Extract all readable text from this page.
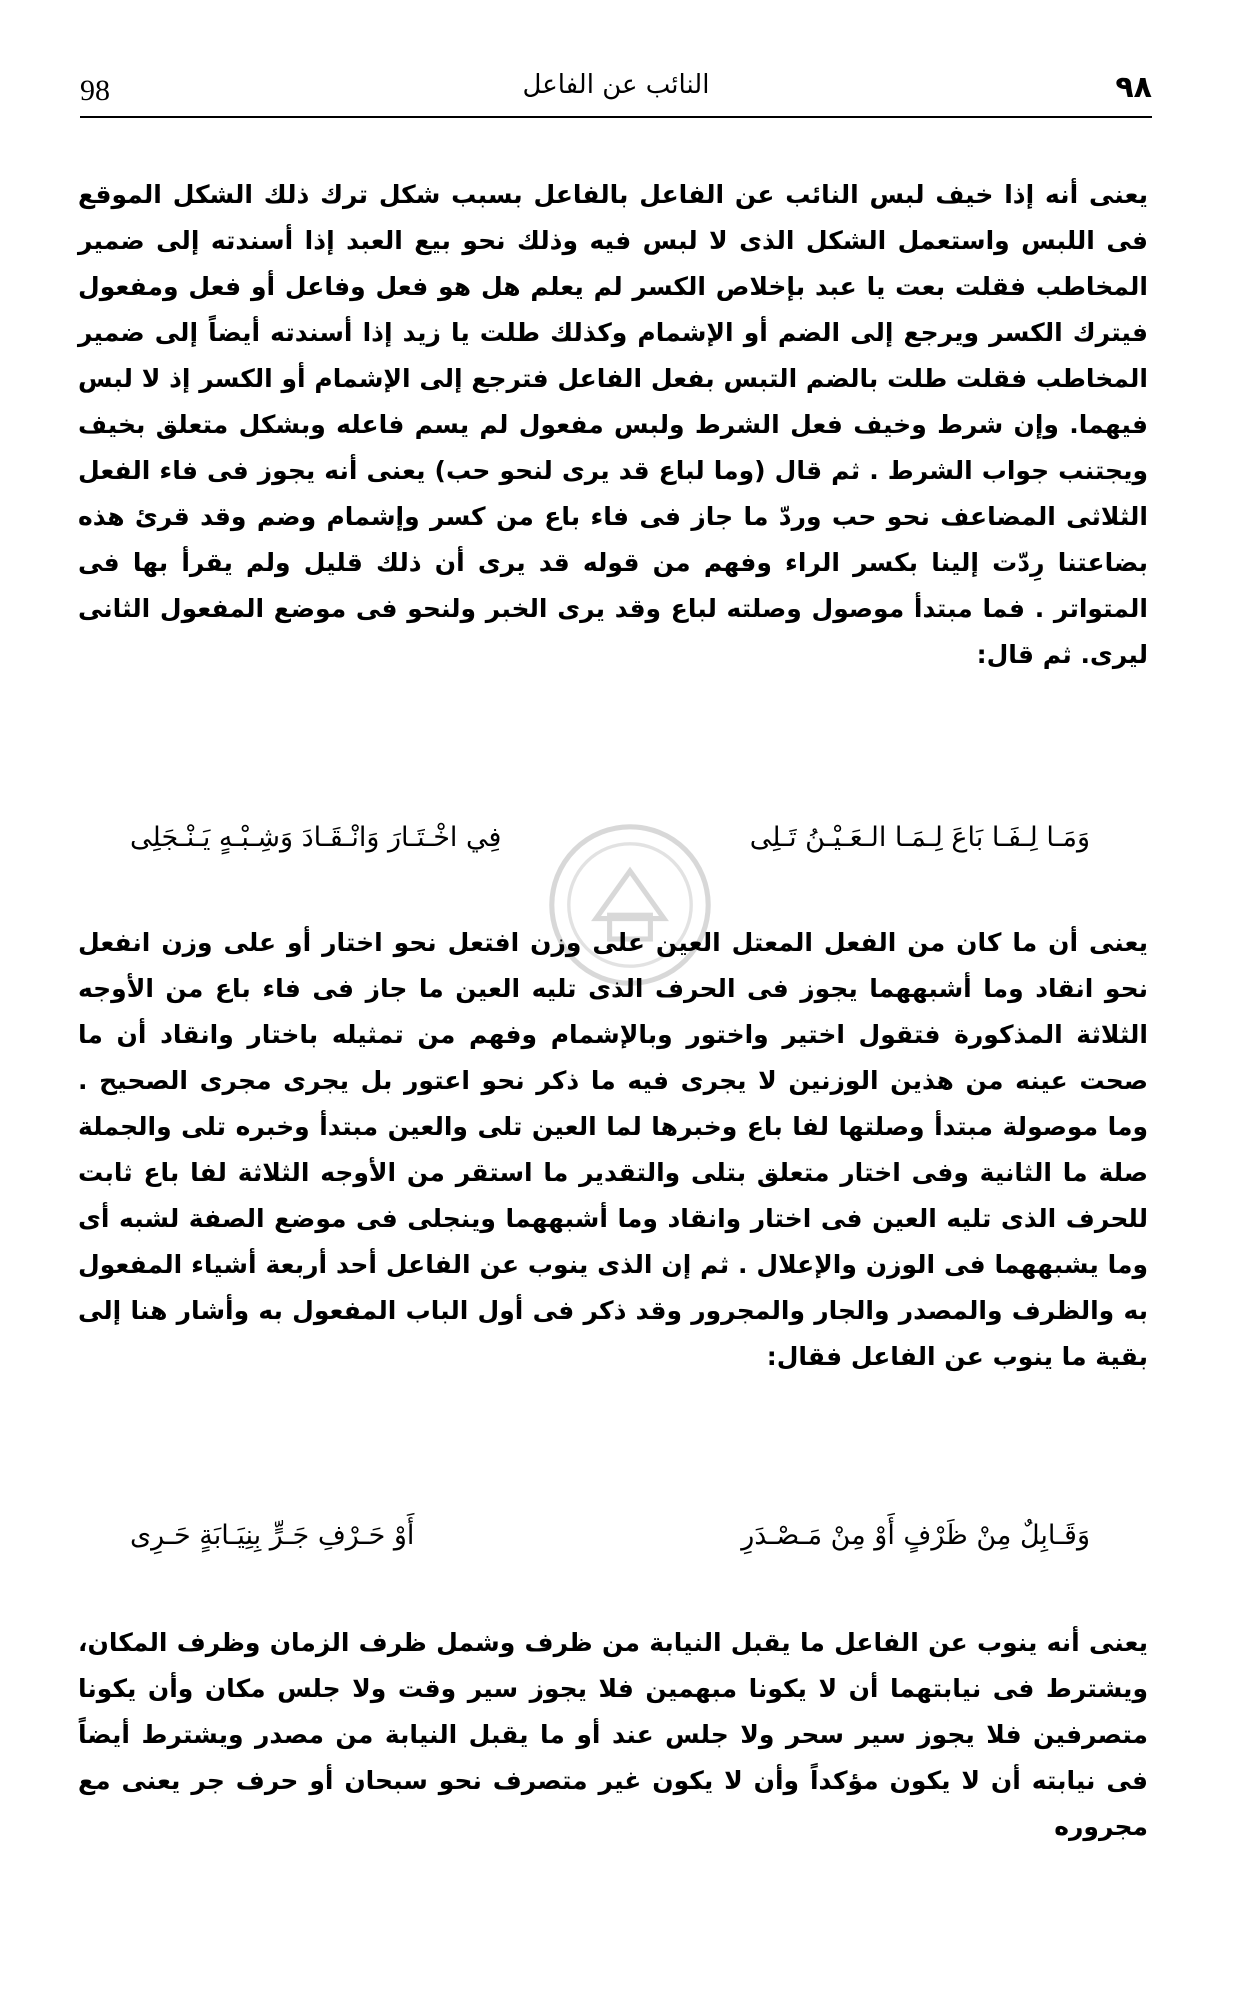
98	النائب عن الفاعل	٩٨

يعنى أنه إذا خيف لبس النائب عن الفاعل بالفاعل بسبب شكل ترك ذلك الشكل الموقع فى اللبس واستعمل الشكل الذى لا لبس فيه وذلك نحو بيع العبد إذا أسندته إلى ضمير المخاطب فقلت بعت يا عبد بإخلاص الكسر لم يعلم هل هو فعل وفاعل أو فعل ومفعول فيترك الكسر ويرجع إلى الضم أو الإشمام وكذلك طلت يا زيد إذا أسندته أيضاً إلى ضمير المخاطب فقلت طلت بالضم التبس بفعل الفاعل فترجع إلى الإشمام أو الكسر إذ لا لبس فيهما. وإن شرط وخيف فعل الشرط ولبس مفعول لم يسم فاعله وبشكل متعلق بخيف ويجتنب جواب الشرط . ثم قال (وما لباع قد يرى لنحو حب) يعنى أنه يجوز فى فاء الفعل الثلاثى المضاعف نحو حب وردّ ما جاز فى فاء باع من كسر وإشمام وضم وقد قرئ هذه بضاعتنا رِدّت إلينا بكسر الراء وفهم من قوله قد يرى أن ذلك قليل ولم يقرأ بها فى المتواتر . فما مبتدأ موصول وصلته لباع وقد يرى الخبر ولنحو فى موضع المفعول الثانى ليرى. ثم قال:

وَمَـا لِـفَـا بَاعَ لِـمَـا الـعَـيْـنُ تَـلِى
فِي اخْـتَـارَ وَانْـقَـادَ وَشِـبْـهٍ يَـنْـجَلِى

يعنى أن ما كان من الفعل المعتل العين على وزن افتعل نحو اختار أو على وزن انفعل نحو انقاد وما أشبههما يجوز فى الحرف الذى تليه العين ما جاز فى فاء باع من الأوجه الثلاثة المذكورة فتقول اختير واختور وبالإشمام وفهم من تمثيله باختار وانقاد أن ما صحت عينه من هذين الوزنين لا يجرى فيه ما ذكر نحو اعتور بل يجرى مجرى الصحيح . وما موصولة مبتدأ وصلتها لفا باع وخبرها لما العين تلى والعين مبتدأ وخبره تلى والجملة صلة ما الثانية وفى اختار متعلق بتلى والتقدير ما استقر من الأوجه الثلاثة لفا باع ثابت للحرف الذى تليه العين فى اختار وانقاد وما أشبههما وينجلى فى موضع الصفة لشبه أى وما يشبههما فى الوزن والإعلال . ثم إن الذى ينوب عن الفاعل أحد أربعة أشياء المفعول به والظرف والمصدر والجار والمجرور وقد ذكر فى أول الباب المفعول به وأشار هنا إلى بقية ما ينوب عن الفاعل فقال:

وَقَـابِلٌ مِنْ ظَرْفٍ أَوْ مِنْ مَـصْـدَرِ
أَوْ حَـرْفِ جَـرٍّ بِنِيَـابَةٍ حَـرِى

يعنى أنه ينوب عن الفاعل ما يقبل النيابة من ظرف وشمل ظرف الزمان وظرف المكان، ويشترط فى نيابتهما أن لا يكونا مبهمين فلا يجوز سير وقت ولا جلس مكان وأن يكونا متصرفين فلا يجوز سير سحر ولا جلس عند أو ما يقبل النيابة من مصدر ويشترط أيضاً فى نيابته أن لا يكون مؤكداً وأن لا يكون غير متصرف نحو سبحان أو حرف جر يعنى مع مجروره
